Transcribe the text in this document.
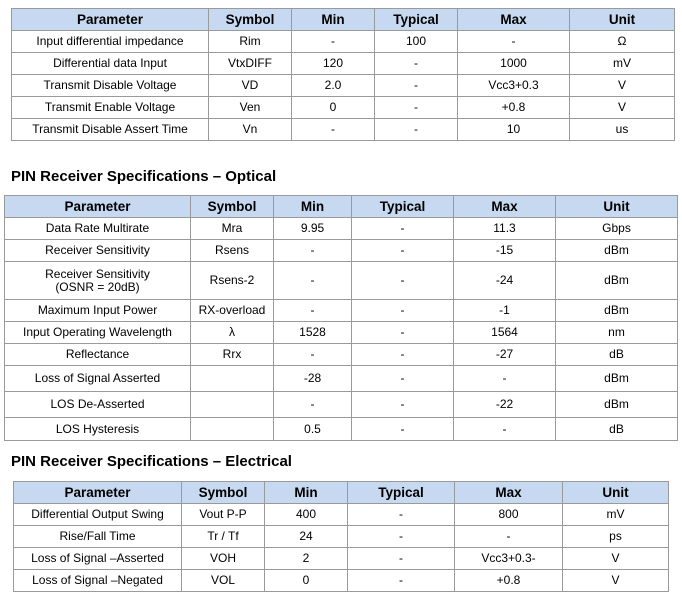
Parameter	Symbol	Min	Typical	Max	Unit
Input differential impedance	Rim	-	100	-	Ω
Differential data Input	VtxDIFF	120	-	1000	mV
Transmit Disable Voltage	VD	2.0	-	Vcc3+0.3	V
Transmit Enable Voltage	Ven	0	-	+0.8	V
Transmit Disable Assert Time	Vn	-	-	10	us
PIN Receiver Specifications – Optical
Parameter	Symbol	Min	Typical	Max	Unit
Data Rate Multirate	Mra	9.95	-	11.3	Gbps
Receiver Sensitivity	Rsens	-	-	-15	dBm
Receiver Sensitivity
(OSNR = 20dB)	Rsens-2	-	-	-24	dBm
Maximum Input Power	RX-overload	-	-	-1	dBm
Input Operating Wavelength	λ	1528	-	1564	nm
Reflectance	Rrx	-	-	-27	dB
Loss of Signal Asserted		-28	-	-	dBm
LOS De-Asserted		-	-	-22	dBm
LOS Hysteresis		0.5	-	-	dB
PIN Receiver Specifications – Electrical
Parameter	Symbol	Min	Typical	Max	Unit
Differential Output Swing	Vout P-P	400	-	800	mV
Rise/Fall Time	Tr / Tf	24	-	-	ps
Loss of Signal –Asserted	VOH	2	-	Vcc3+0.3-	V
Loss of Signal –Negated	VOL	0	-	+0.8	V
